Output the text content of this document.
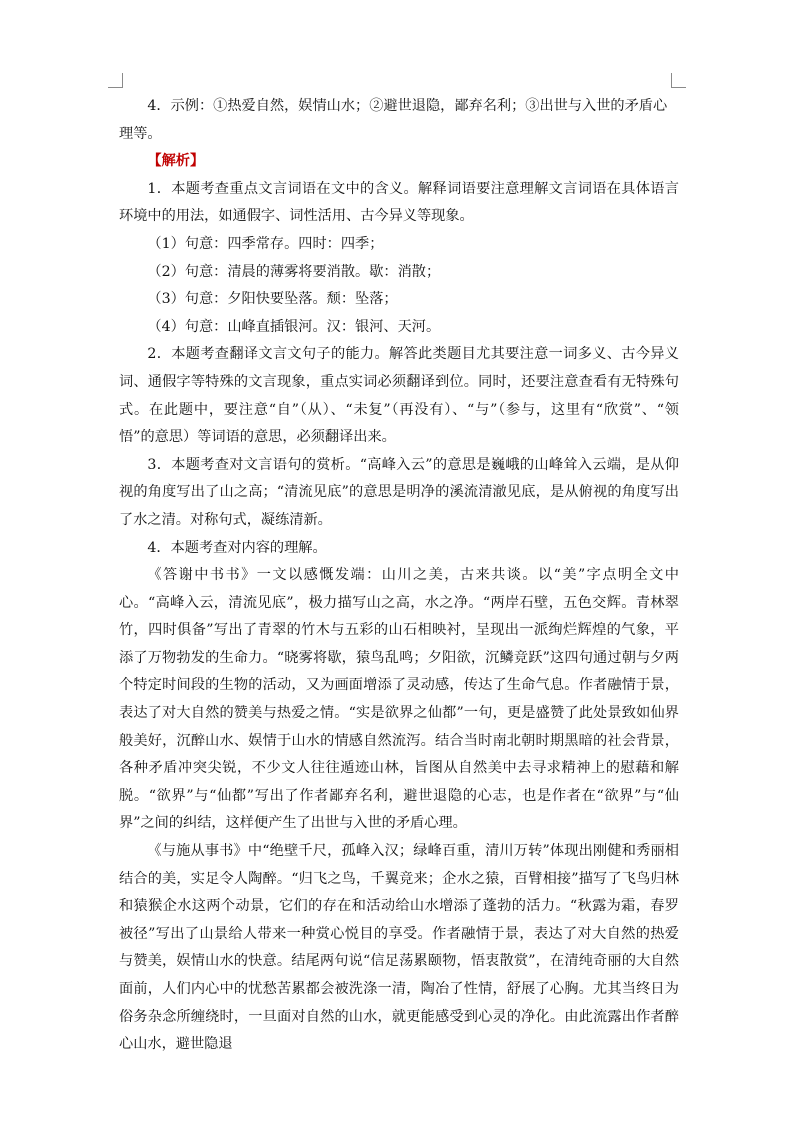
4．示例：①热爱自然，娱情山水；②避世退隐，鄙弃名利；③出世与入世的矛盾心

理等。

【解析】

1．本题考查重点文言词语在文中的含义。解释词语要注意理解文言词语在具体语言环境中的用法，如通假字、词性活用、古今异义等现象。

（1）句意：四季常存。四时：四季；

（2）句意：清晨的薄雾将要消散。歇：消散；

（3）句意：夕阳快要坠落。颓：坠落；

（4）句意：山峰直插银河。汉：银河、天河。

2．本题考查翻译文言文句子的能力。解答此类题目尤其要注意一词多义、古今异义词、通假字等特殊的文言现象，重点实词必须翻译到位。同时，还要注意查看有无特殊句式。在此题中，要注意“自”（从）、“未复”（再没有）、“与”（参与，这里有“欣赏”、“领悟”的意思）等词语的意思，必须翻译出来。

3．本题考查对文言语句的赏析。“高峰入云”的意思是巍峨的山峰耸入云端，是从仰视的角度写出了山之高；“清流见底”的意思是明净的溪流清澈见底，是从俯视的角度写出了水之清。对称句式，凝练清新。

4．本题考查对内容的理解。

《答谢中书书》一文以感慨发端：山川之美，古来共谈。以“美”字点明全文中心。“高峰入云，清流见底”，极力描写山之高，水之净。“两岸石壁，五色交辉。青林翠竹，四时俱备”写出了青翠的竹木与五彩的山石相映衬，呈现出一派绚烂辉煌的气象，平添了万物勃发的生命力。“晓雾将歇，猿鸟乱鸣；夕阳欲，沉鳞竞跃”这四句通过朝与夕两个特定时间段的生物的活动，又为画面增添了灵动感，传达了生命气息。作者融情于景，表达了对大自然的赞美与热爱之情。“实是欲界之仙都”一句，更是盛赞了此处景致如仙界般美好，沉醉山水、娱情于山水的情感自然流泻。结合当时南北朝时期黑暗的社会背景，各种矛盾冲突尖锐，不少文人往往遁迹山林，旨图从自然美中去寻求精神上的慰藉和解脱。“欲界”与“仙都”写出了作者鄙弃名利，避世退隐的心志，也是作者在“欲界”与“仙界”之间的纠结，这样便产生了出世与入世的矛盾心理。

《与施从事书》中“绝壁千尺，孤峰入汉；绿峰百重，清川万转”体现出刚健和秀丽相结合的美，实足令人陶醉。“归飞之鸟，千翼竞来；企水之猿，百臂相接”描写了飞鸟归林和猿猴企水这两个动景，它们的存在和活动给山水增添了蓬勃的活力。“秋露为霜，春罗被径”写出了山景给人带来一种赏心悦目的享受。作者融情于景，表达了对大自然的热爱与赞美，娱情山水的快意。结尾两句说“信足荡累颐物，悟衷散赏”，在清纯奇丽的大自然面前，人们内心中的忧愁苦累都会被洗涤一清，陶冶了性情，舒展了心胸。尤其当终日为俗务杂念所缠绕时，一旦面对自然的山水，就更能感受到心灵的净化。由此流露出作者醉心山水，避世隐退
